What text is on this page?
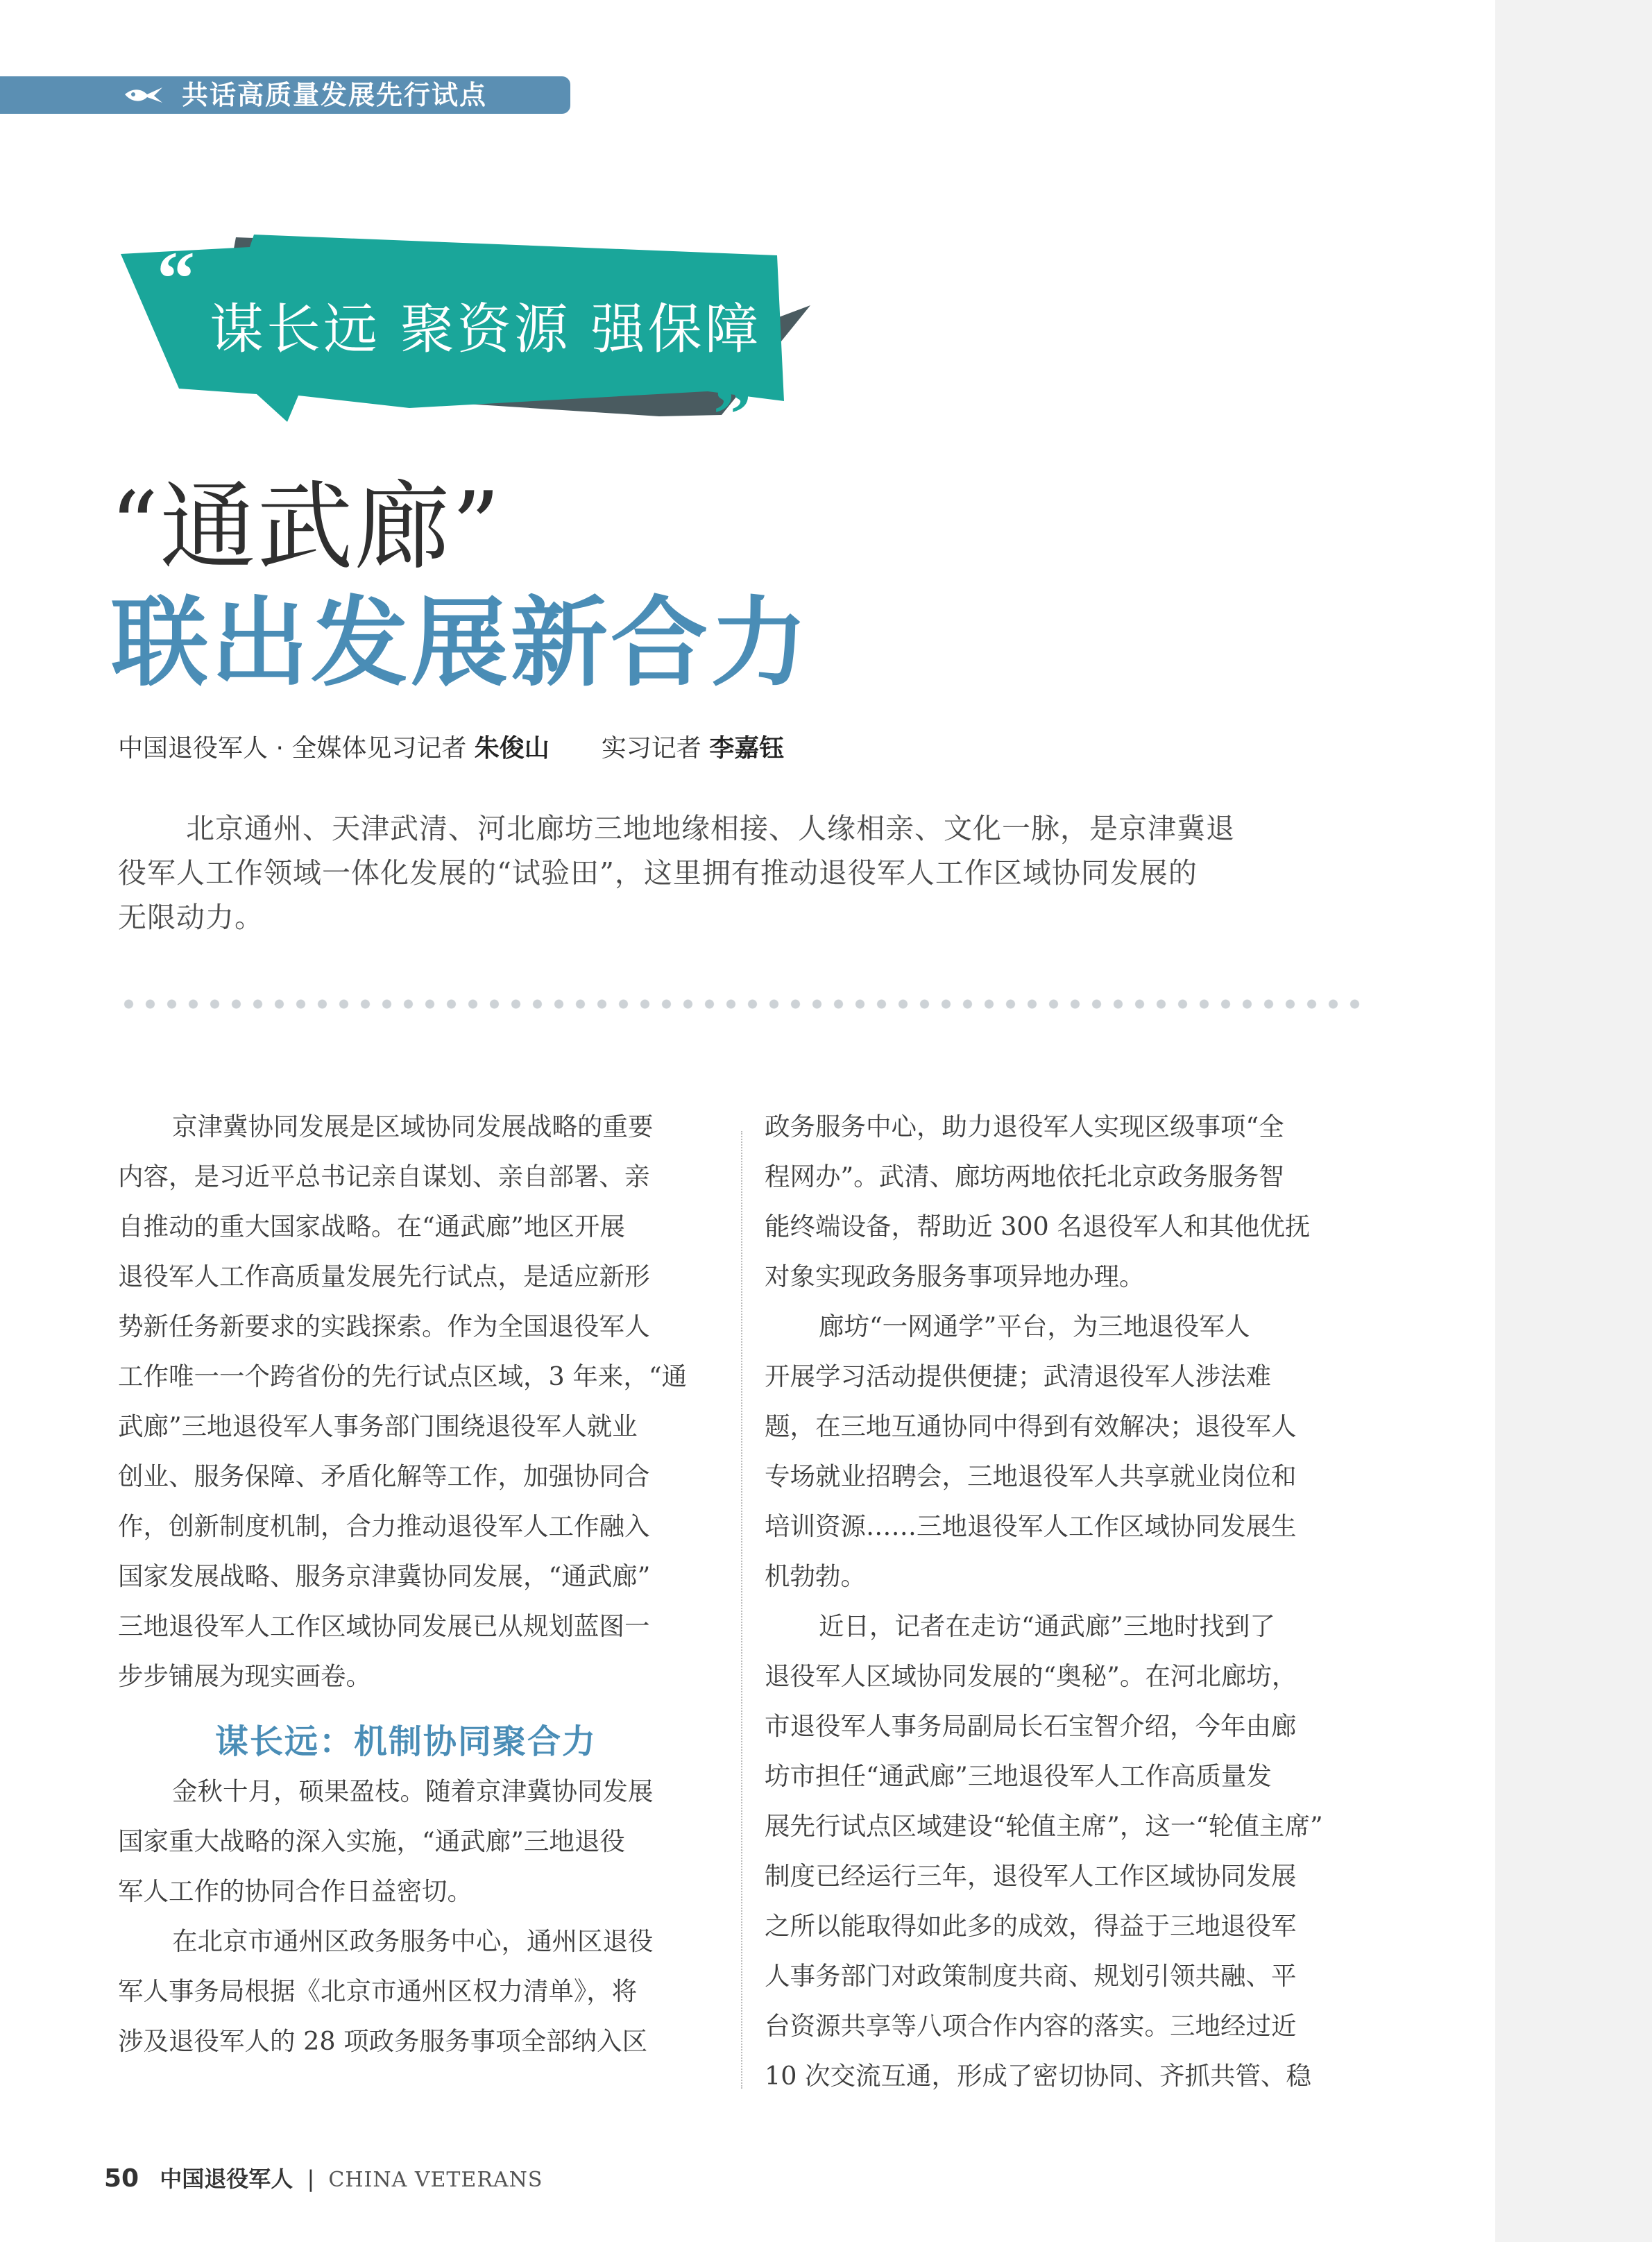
共话高质量发展先行试点
“
”
谋长远 聚资源 强保障
“通武廊”
联出发展新合力
中国退役军人 · 全媒体见习记者 朱俊山 实习记者 李嘉钰
北京通州、天津武清、河北廊坊三地地缘相接、人缘相亲、文化一脉，是京津冀退
役军人工作领域一体化发展的“试验田”，这里拥有推动退役军人工作区域协同发展的
无限动力。
京津冀协同发展是区域协同发展战略的重要
内容，是习近平总书记亲自谋划、亲自部署、亲
自推动的重大国家战略。在“通武廊”地区开展
退役军人工作高质量发展先行试点，是适应新形
势新任务新要求的实践探索。作为全国退役军人
工作唯一一个跨省份的先行试点区域，3 年来，“通
武廊”三地退役军人事务部门围绕退役军人就业
创业、服务保障、矛盾化解等工作，加强协同合
作，创新制度机制，合力推动退役军人工作融入
国家发展战略、服务京津冀协同发展，“通武廊”
三地退役军人工作区域协同发展已从规划蓝图一
步步铺展为现实画卷。
谋长远：机制协同聚合力
金秋十月，硕果盈枝。随着京津冀协同发展
国家重大战略的深入实施，“通武廊”三地退役
军人工作的协同合作日益密切。
在北京市通州区政务服务中心，通州区退役
军人事务局根据《北京市通州区权力清单》，将
涉及退役军人的 28 项政务服务事项全部纳入区
政务服务中心，助力退役军人实现区级事项“全
程网办”。武清、廊坊两地依托北京政务服务智
能终端设备，帮助近 300 名退役军人和其他优抚
对象实现政务服务事项异地办理。
廊坊“一网通学”平台，为三地退役军人
开展学习活动提供便捷；武清退役军人涉法难
题，在三地互通协同中得到有效解决；退役军人
专场就业招聘会，三地退役军人共享就业岗位和
培训资源……三地退役军人工作区域协同发展生
机勃勃。
近日，记者在走访“通武廊”三地时找到了
退役军人区域协同发展的“奥秘”。在河北廊坊，
市退役军人事务局副局长石宝智介绍，今年由廊
坊市担任“通武廊”三地退役军人工作高质量发
展先行试点区域建设“轮值主席”，这一“轮值主席”
制度已经运行三年，退役军人工作区域协同发展
之所以能取得如此多的成效，得益于三地退役军
人事务部门对政策制度共商、规划引领共融、平
台资源共享等八项合作内容的落实。三地经过近
10 次交流互通，形成了密切协同、齐抓共管、稳
50 中国退役军人 | CHINA VETERANS
